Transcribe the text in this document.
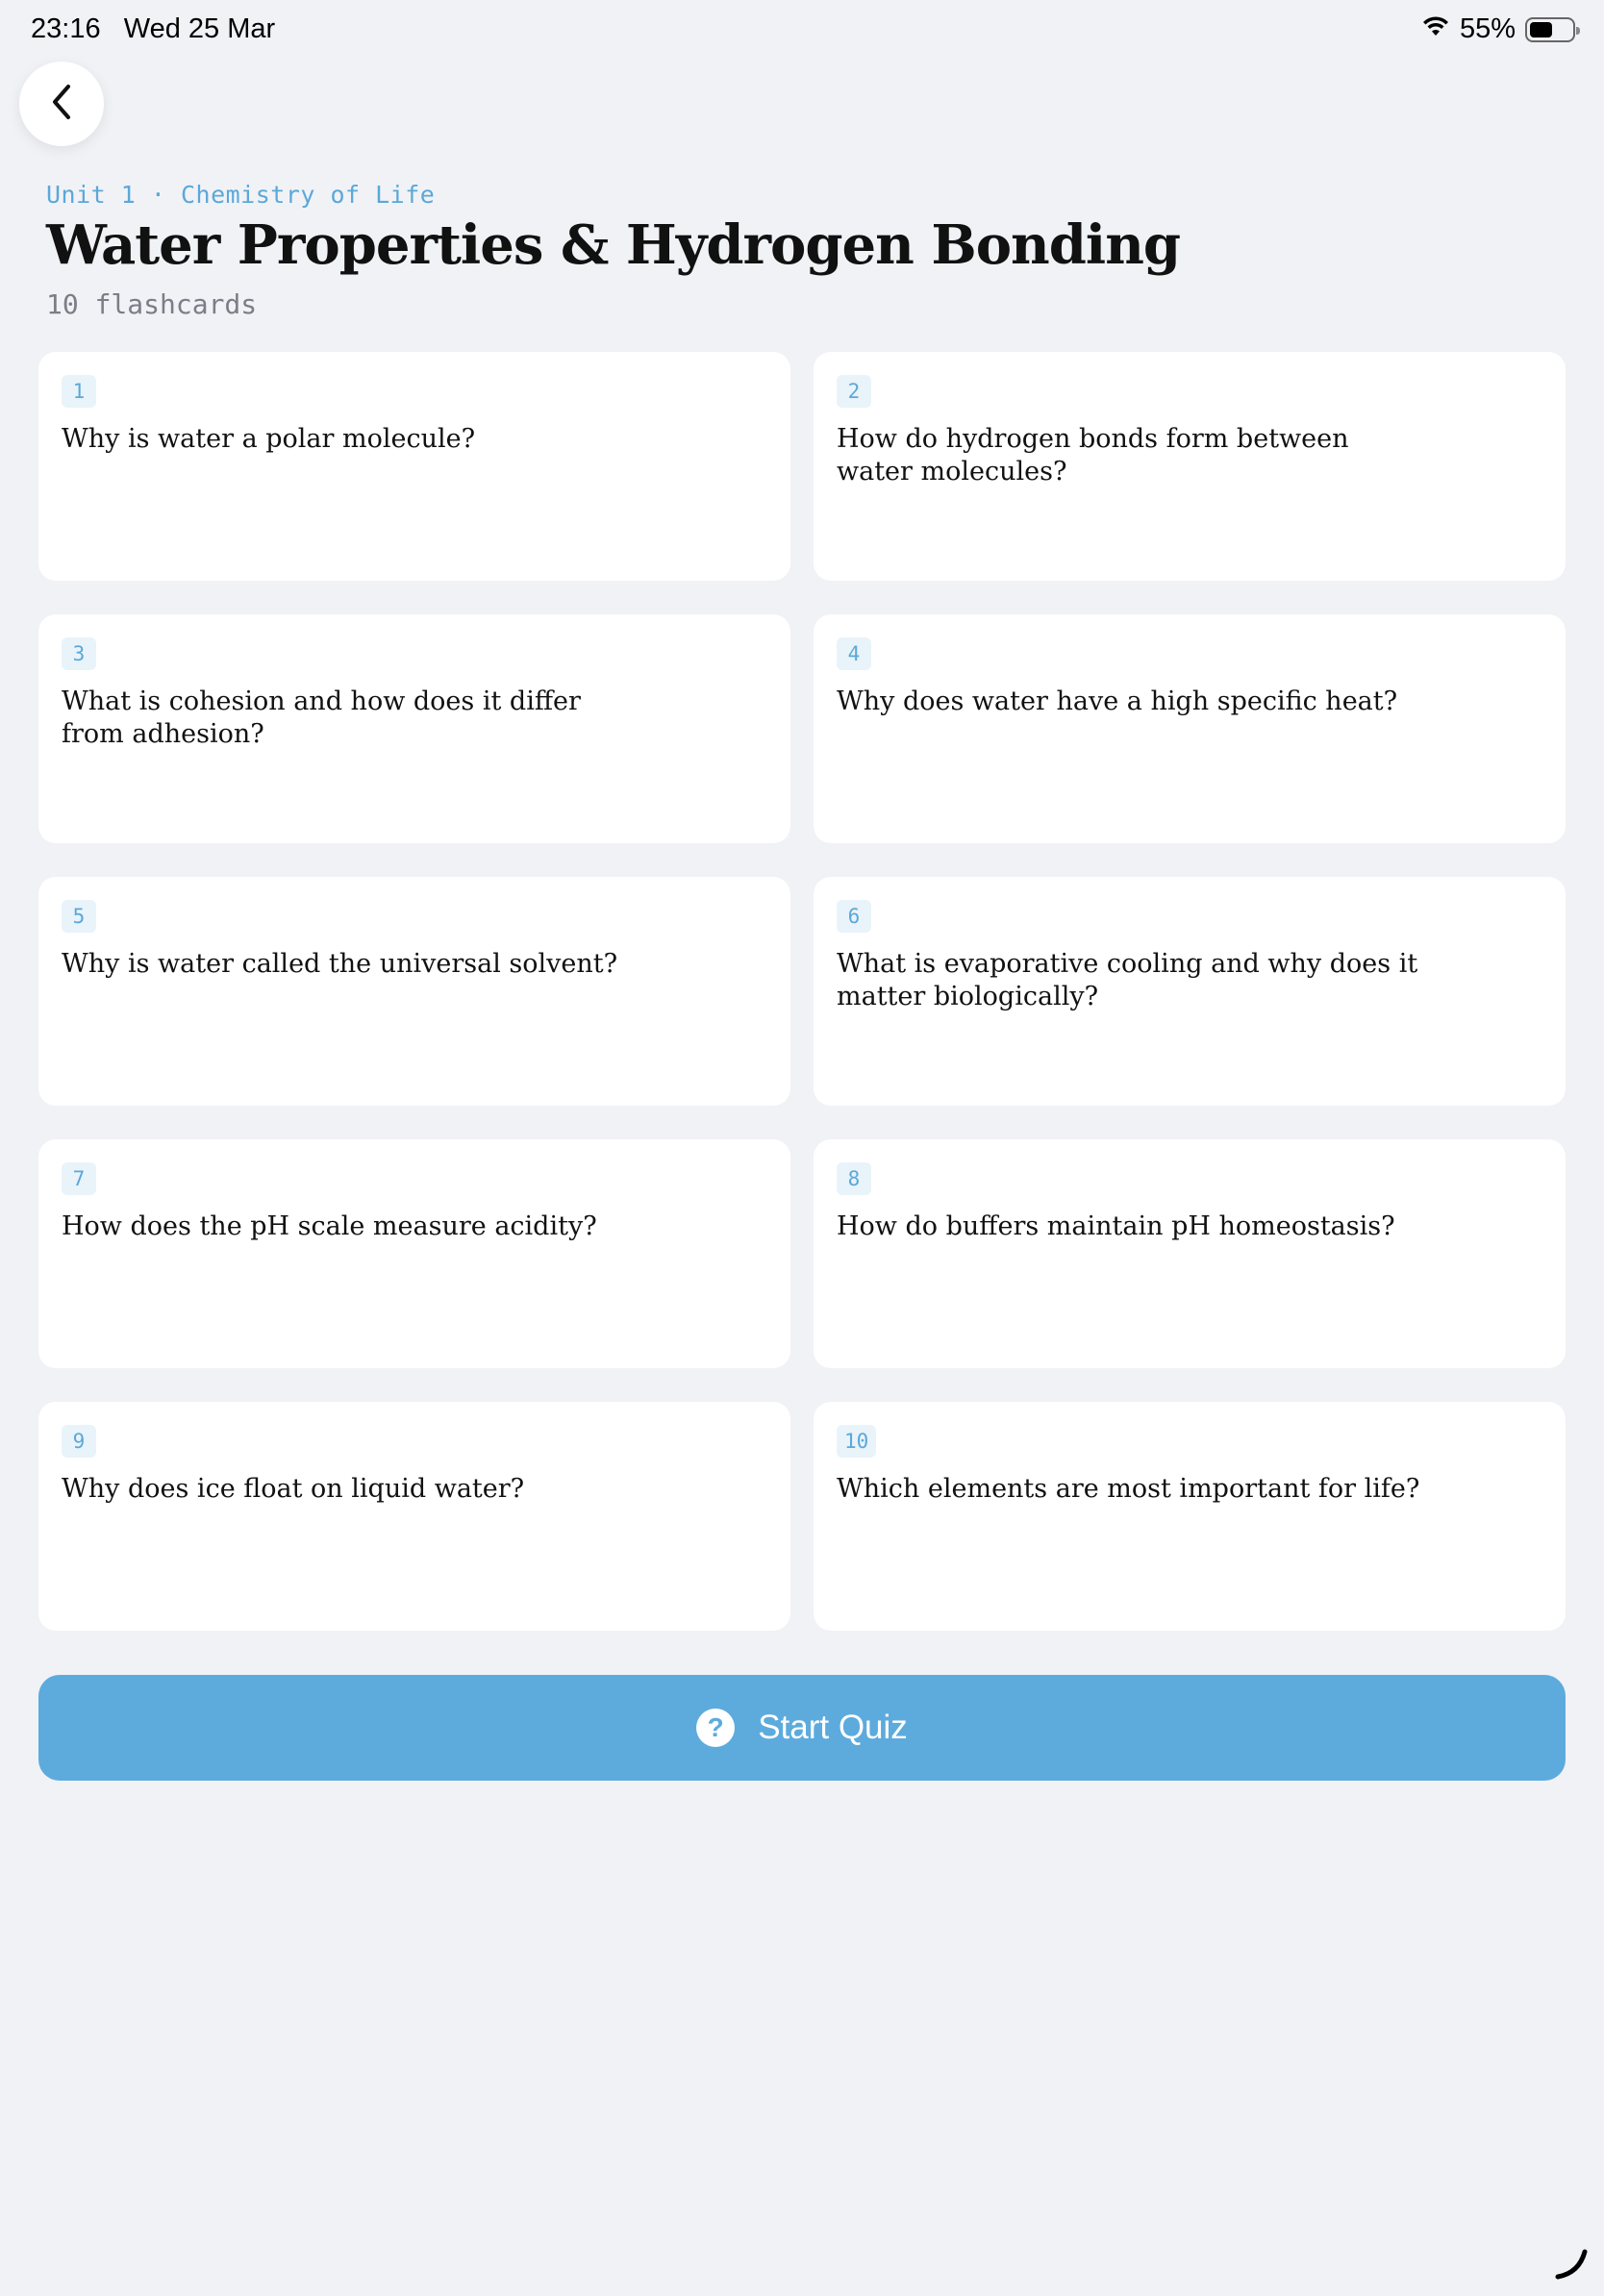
23:16 Wed 25 Mar	55%
Unit 1 · Chemistry of Life
Water Properties & Hydrogen Bonding
10 flashcards
1
Why is water a polar molecule?
2
How do hydrogen bonds form between water molecules?
3
What is cohesion and how does it differ from adhesion?
4
Why does water have a high specific heat?
5
Why is water called the universal solvent?
6
What is evaporative cooling and why does it matter biologically?
7
How does the pH scale measure acidity?
8
How do buffers maintain pH homeostasis?
9
Why does ice float on liquid water?
10
Which elements are most important for life?
?	Start Quiz
